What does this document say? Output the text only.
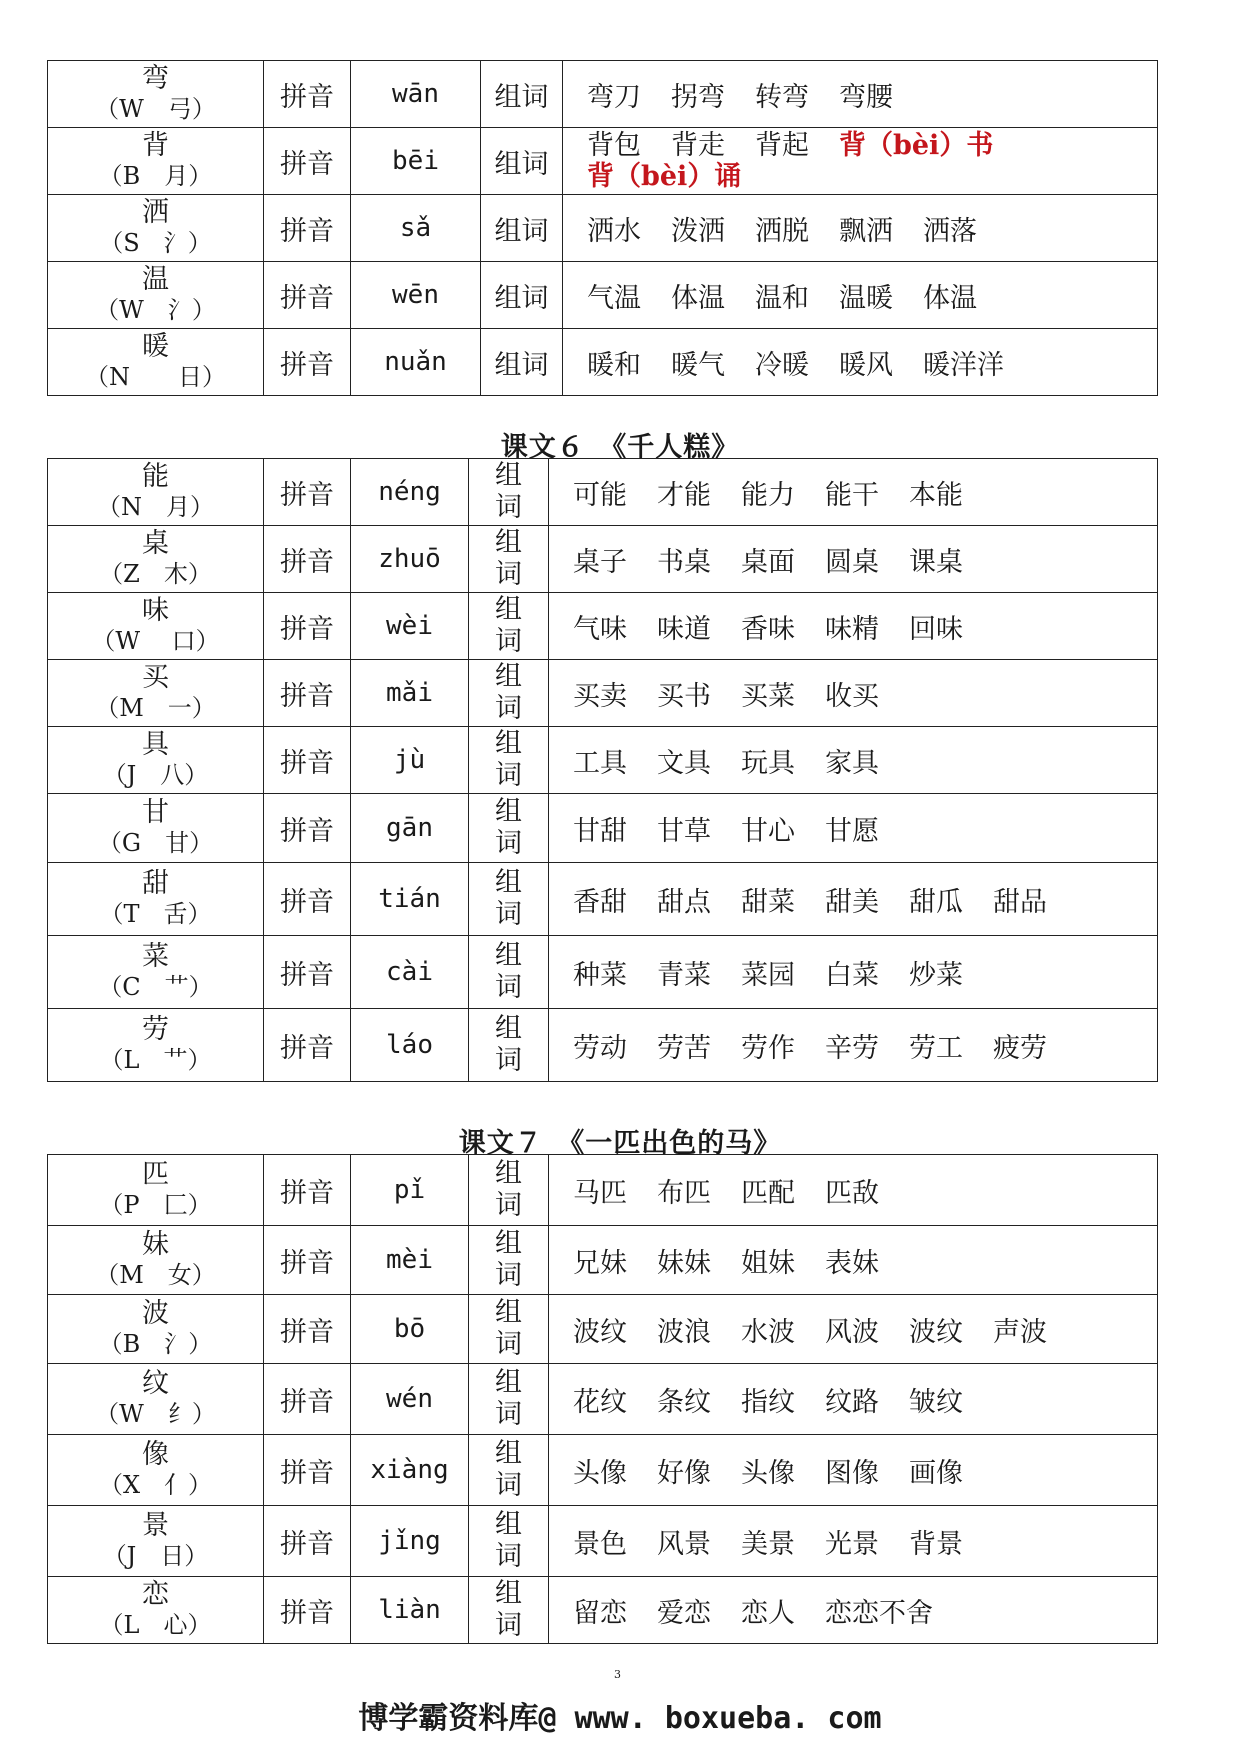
弯
（W　弓）	拼音	wān	组词	弯刀 拐弯 转弯 弯腰

背
（B　月）	拼音	bēi	组词	背包 背走 背起 背（bèi）书背（bèi）诵

洒
（S　氵）	拼音	sǎ	组词	洒水 泼洒 洒脱 飘洒 洒落

温
（W　氵）	拼音	wēn	组词	气温 体温 温和 温暖 体温

暖
（N　　日）	拼音	nuǎn	组词	暖和 暖气 冷暖 暖风 暖洋洋
课文６　《千人糕》
能
（N　月）	拼音	néng	组词	可能 才能 能力 能干 本能

桌
（Z　木）	拼音	zhuō	组词	桌子 书桌 桌面 圆桌 课桌

味
（W　 口）	拼音	wèi	组词	气味 味道 香味 味精 回味

买
（M　一）	拼音	mǎi	组词	买卖 买书 买菜 收买

具
（J　八）	拼音	jù	组词	工具 文具 玩具 家具

甘
（G　甘）	拼音	gān	组词	甘甜 甘草 甘心 甘愿

甜
（T　舌）	拼音	tián	组词	香甜 甜点 甜菜 甜美 甜瓜 甜品

菜
（C　艹）	拼音	cài	组词	种菜 青菜 菜园 白菜 炒菜

劳
（L　艹）	拼音	láo	组词	劳动 劳苦 劳作 辛劳 劳工 疲劳
课文７　《一匹出色的马》
匹
（P　匚）	拼音	pǐ	组词	马匹 布匹 匹配 匹敌

妹
（M　女）	拼音	mèi	组词	兄妹 妹妹 姐妹 表妹

波
（B　氵）	拼音	bō	组词	波纹 波浪 水波 风波 波纹 声波

纹
（W　纟）	拼音	wén	组词	花纹 条纹 指纹 纹路 皱纹

像
（X　亻）	拼音	xiàng	组词	头像 好像 头像 图像 画像

景
（J　日）	拼音	jǐng	组词	景色 风景 美景 光景 背景

恋
（L　心）	拼音	liàn	组词	留恋 爱恋 恋人 恋恋不舍
3
博学霸资料库@ www. boxueba. com
